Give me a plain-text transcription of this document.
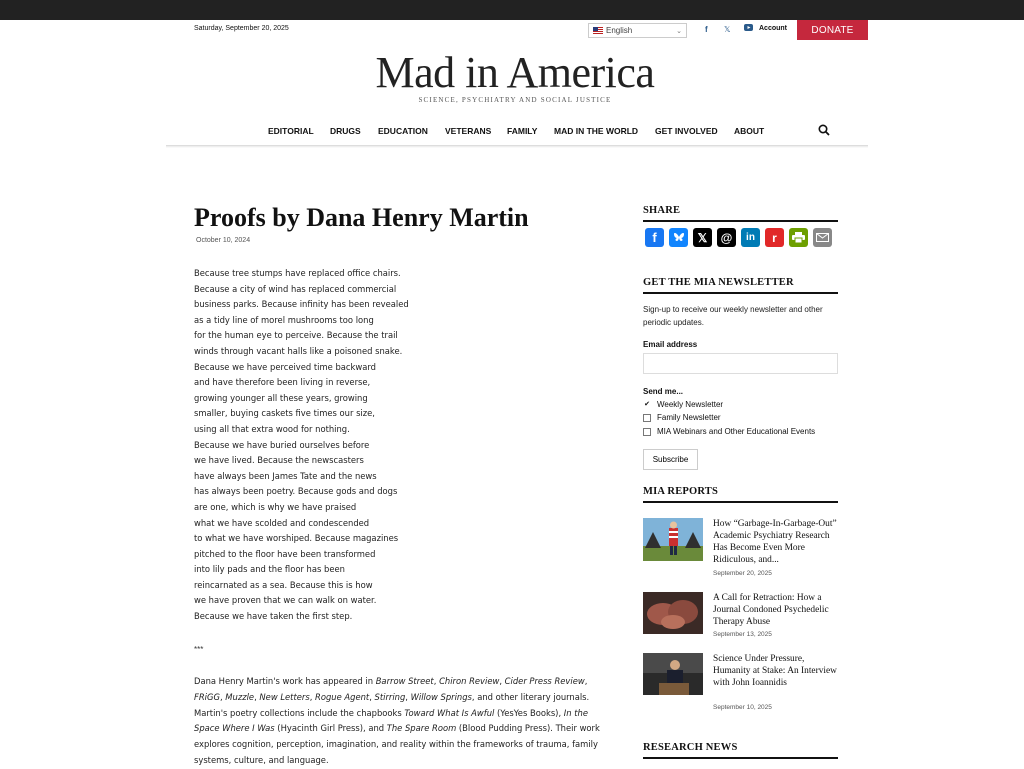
Saturday, September 20, 2025	English	⌄	f 𝕏	Account	DONATE
Mad in America
SCIENCE, PSYCHIATRY AND SOCIAL JUSTICE
EDITORIAL	DRUGS	EDUCATION	VETERANS	FAMILY	MAD IN THE WORLD	GET INVOLVED	ABOUT
Proofs by Dana Henry Martin
October 10, 2024
Because tree stumps have replaced office chairs.
Because a city of wind has replaced commercial
business parks. Because infinity has been revealed
as a tidy line of morel mushrooms too long
for the human eye to perceive. Because the trail
winds through vacant halls like a poisoned snake.
Because we have perceived time backward
and have therefore been living in reverse,
growing younger all these years, growing
smaller, buying caskets five times our size,
using all that extra wood for nothing.
Because we have buried ourselves before
we have lived. Because the newscasters
have always been James Tate and the news
has always been poetry. Because gods and dogs
are one, which is why we have praised
what we have scolded and condescended
to what we have worshiped. Because magazines
pitched to the floor have been transformed
into lily pads and the floor has been
reincarnated as a sea. Because this is how
we have proven that we can walk on water.
Because we have taken the first step.
***

Dana Henry Martin's work has appeared in Barrow Street, Chiron Review, Cider Press Review, FRiGG, Muzzle, New Letters, Rogue Agent, Stirring, Willow Springs, and other literary journals. Martin's poetry collections include the chapbooks Toward What Is Awful (YesYes Books), In the Space Where I Was (Hyacinth Girl Press), and The Spare Room (Blood Pudding Press). Their work explores cognition, perception, imagination, and reality within the frameworks of trauma, family systems, culture, and language.

SHARE
f	𝕏	@	in	r
GET THE MIA NEWSLETTER
Sign-up to receive our weekly newsletter and other periodic updates.
Email address
Send me...
✔ Weekly Newsletter
Family Newsletter
MIA Webinars and Other Educational Events
Subscribe
MIA REPORTS
How “Garbage-In-Garbage-Out” Academic Psychiatry Research Has Become Even More Ridiculous, and...
September 20, 2025
A Call for Retraction: How a Journal Condoned Psychedelic Therapy Abuse
September 13, 2025
Science Under Pressure, Humanity at Stake: An Interview with John Ioannidis
September 10, 2025
RESEARCH NEWS
